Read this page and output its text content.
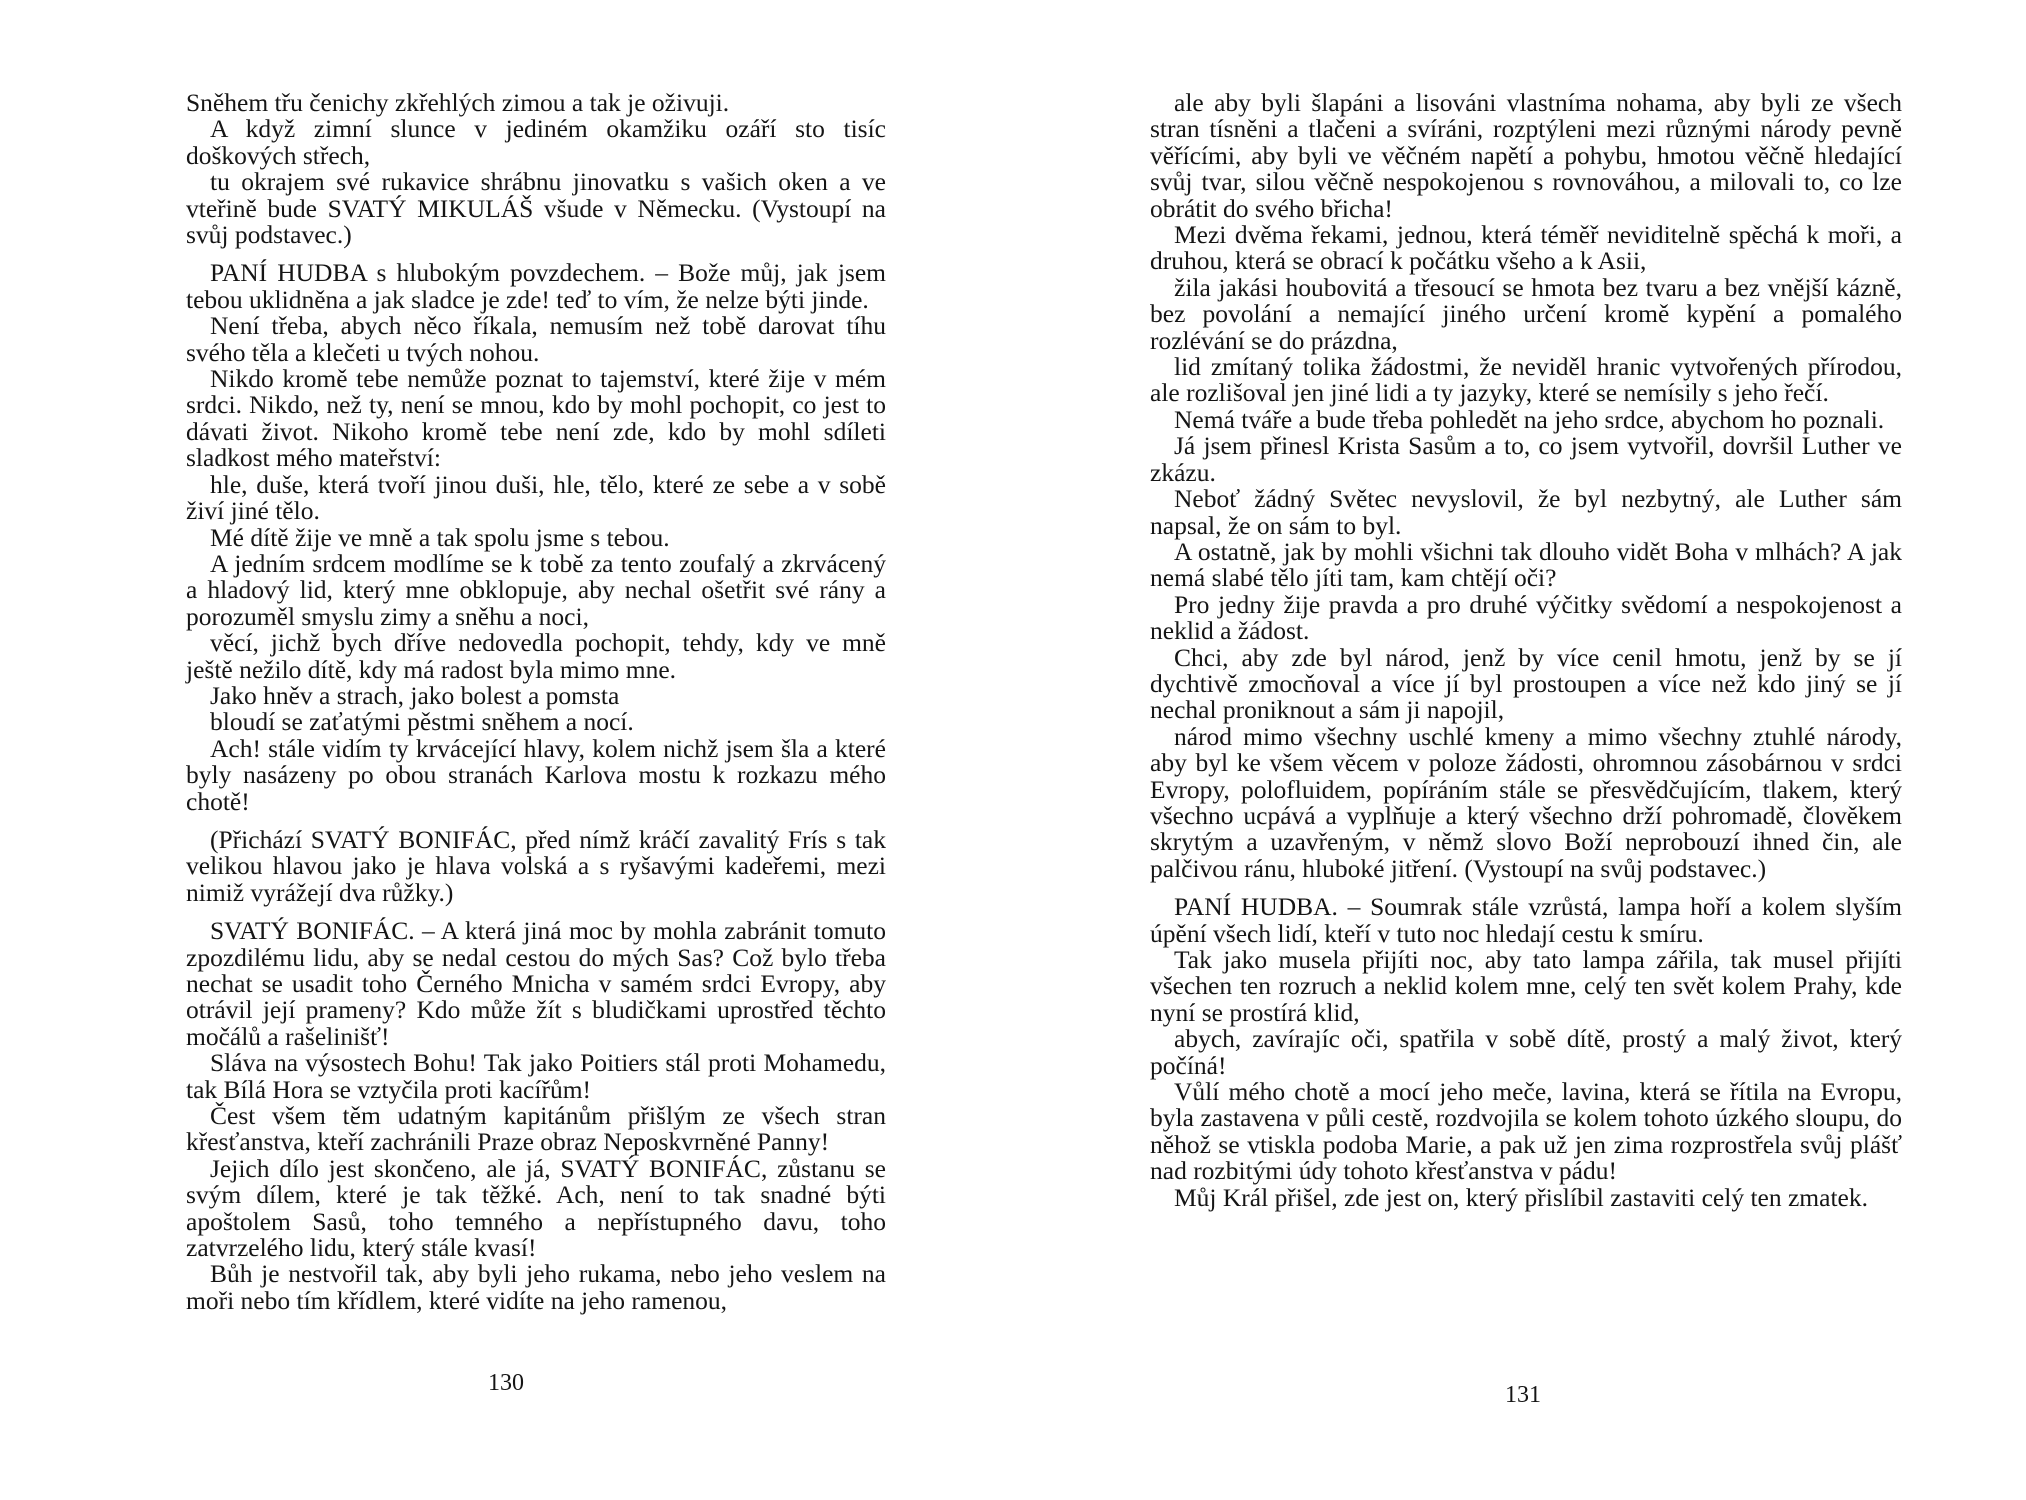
Sněhem třu čenichy zkřehlých zimou a tak je oživuji.

A když zimní slunce v jediném okamžiku ozáří sto tisíc doškových střech,

tu okrajem své rukavice shrábnu jinovatku s vašich oken a ve vteřině bude SVATÝ MIKULÁŠ všude v Německu. (Vystoupí na svůj podstavec.)

PANÍ HUDBA s hlubokým povzdechem. – Bože můj, jak jsem tebou uklidněna a jak sladce je zde! teď to vím, že nelze býti jinde.

Není třeba, abych něco říkala, nemusím než tobě darovat tíhu svého těla a klečeti u tvých nohou.

Nikdo kromě tebe nemůže poznat to tajemství, které žije v mém srdci. Nikdo, než ty, není se mnou, kdo by mohl pochopit, co jest to dávati život. Nikoho kromě tebe není zde, kdo by mohl sdíleti sladkost mého mateřství:

hle, duše, která tvoří jinou duši, hle, tělo, které ze sebe a v sobě živí jiné tělo.

Mé dítě žije ve mně a tak spolu jsme s tebou.

A jedním srdcem modlíme se k tobě za tento zoufalý a zkrvácený a hladový lid, který mne obklopuje, aby nechal ošetřit své rány a porozuměl smyslu zimy a sněhu a noci,

věcí, jichž bych dříve nedovedla pochopit, tehdy, kdy ve mně ještě nežilo dítě, kdy má radost byla mimo mne.

Jako hněv a strach, jako bolest a pomsta

bloudí se zaťatými pěstmi sněhem a nocí.

Ach! stále vidím ty krvácející hlavy, kolem nichž jsem šla a které byly nasázeny po obou stranách Karlova mostu k rozkazu mého chotě!

(Přichází SVATÝ BONIFÁC, před nímž kráčí zavalitý Frís s tak velikou hlavou jako je hlava volská a s ryšavými kadeřemi, mezi nimiž vyrážejí dva růžky.)

SVATÝ BONIFÁC. – A která jiná moc by mohla zabránit tomuto zpozdilému lidu, aby se nedal cestou do mých Sas? Což bylo třeba nechat se usadit toho Černého Mnicha v samém srdci Evropy, aby otrávil její prameny? Kdo může žít s bludičkami uprostřed těchto močálů a rašelinišť!

Sláva na výsostech Bohu! Tak jako Poitiers stál proti Mohamedu, tak Bílá Hora se vztyčila proti kacířům!

Čest všem těm udatným kapitánům přišlým ze všech stran křesťanstva, kteří zachránili Praze obraz Neposkvrněné Panny!

Jejich dílo jest skončeno, ale já, SVATÝ BONIFÁC, zůstanu se svým dílem, které je tak těžké. Ach, není to tak snadné býti apoštolem Sasů, toho temného a nepřístupného davu, toho zatvrzelého lidu, který stále kvasí!

Bůh je nestvořil tak, aby byli jeho rukama, nebo jeho veslem na moři nebo tím křídlem, které vidíte na jeho ramenou,

130

ale aby byli šlapáni a lisováni vlastníma nohama, aby byli ze všech stran tísněni a tlačeni a svíráni, rozptýleni mezi různými národy pevně věřícími, aby byli ve věčném napětí a pohybu, hmotou věčně hledající svůj tvar, silou věčně nespokojenou s rovnováhou, a milovali to, co lze obrátit do svého břicha!

Mezi dvěma řekami, jednou, která téměř neviditelně spěchá k moři, a druhou, která se obrací k počátku všeho a k Asii,

žila jakási houbovitá a třesoucí se hmota bez tvaru a bez vnější kázně, bez povolání a nemající jiného určení kromě kypění a pomalého rozlévání se do prázdna,

lid zmítaný tolika žádostmi, že neviděl hranic vytvořených přírodou, ale rozlišoval jen jiné lidi a ty jazyky, které se nemísily s jeho řečí.

Nemá tváře a bude třeba pohledět na jeho srdce, abychom ho poznali.

Já jsem přinesl Krista Sasům a to, co jsem vytvořil, dovršil Luther ve zkázu.

Neboť žádný Světec nevyslovil, že byl nezbytný, ale Luther sám napsal, že on sám to byl.

A ostatně, jak by mohli všichni tak dlouho vidět Boha v mlhách? A jak nemá slabé tělo jíti tam, kam chtějí oči?

Pro jedny žije pravda a pro druhé výčitky svědomí a nespokojenost a neklid a žádost.

Chci, aby zde byl národ, jenž by více cenil hmotu, jenž by se jí dychtivě zmocňoval a více jí byl prostoupen a více než kdo jiný se jí nechal proniknout a sám ji napojil,

národ mimo všechny uschlé kmeny a mimo všechny ztuhlé národy, aby byl ke všem věcem v poloze žádosti, ohromnou zásobárnou v srdci Evropy, polofluidem, popíráním stále se přesvědčujícím, tlakem, který všechno ucpává a vyplňuje a který všechno drží pohromadě, člověkem skrytým a uzavřeným, v němž slovo Boží neprobouzí ihned čin, ale palčivou ránu, hluboké jitření. (Vystoupí na svůj podstavec.)

PANÍ HUDBA. – Soumrak stále vzrůstá, lampa hoří a kolem slyším úpění všech lidí, kteří v tuto noc hledají cestu k smíru.

Tak jako musela přijíti noc, aby tato lampa zářila, tak musel přijíti všechen ten rozruch a neklid kolem mne, celý ten svět kolem Prahy, kde nyní se prostírá klid,

abych, zavírajíc oči, spatřila v sobě dítě, prostý a malý život, který počíná!

Vůlí mého chotě a mocí jeho meče, lavina, která se řítila na Evropu, byla zastavena v půli cestě, rozdvojila se kolem tohoto úzkého sloupu, do něhož se vtiskla podoba Marie, a pak už jen zima rozprostřela svůj plášť nad rozbitými údy tohoto křesťanstva v pádu!

Můj Král přišel, zde jest on, který přislíbil zastaviti celý ten zmatek.

131
